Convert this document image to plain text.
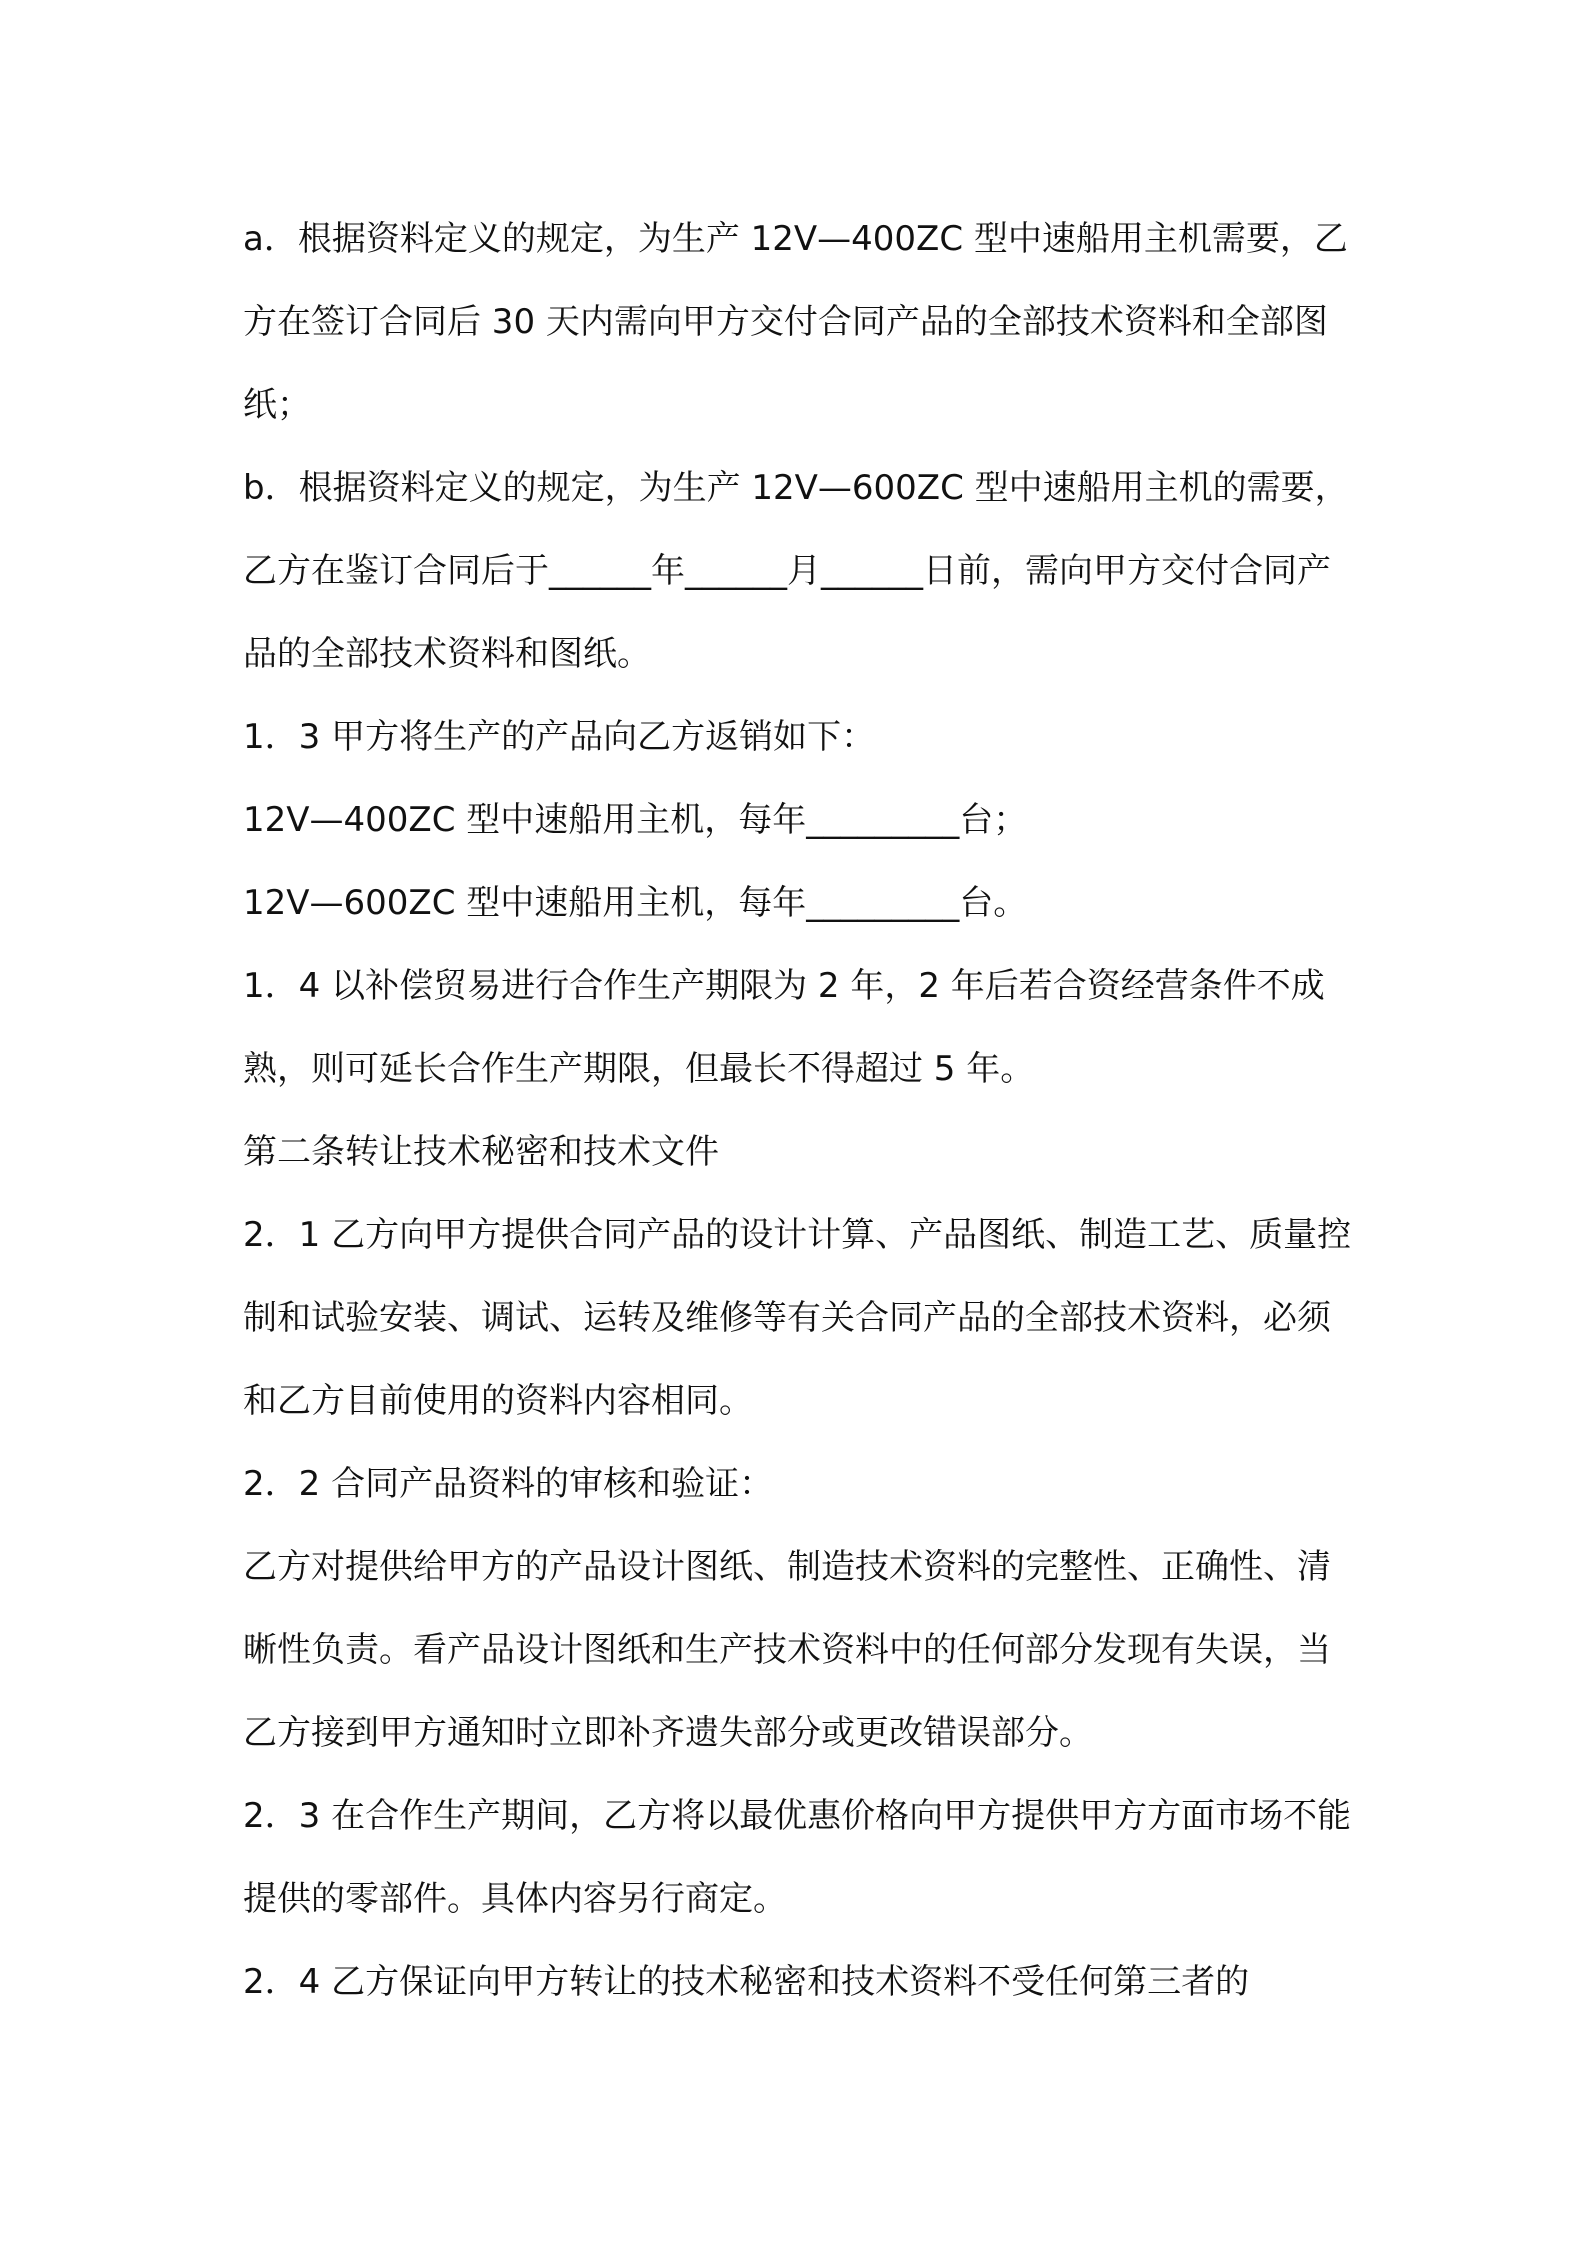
a．根据资料定义的规定，为生产 12V—400ZC 型中速船用主机需要，乙方在签订合同后 30 天内需向甲方交付合同产品的全部技术资料和全部图纸；

b．根据资料定义的规定，为生产 12V—600ZC 型中速船用主机的需要，乙方在鉴订合同后于______年______月______日前，需向甲方交付合同产品的全部技术资料和图纸。

1．3 甲方将生产的产品向乙方返销如下：

12V—400ZC 型中速船用主机，每年_________台；

12V—600ZC 型中速船用主机，每年_________台。

1．4 以补偿贸易进行合作生产期限为 2 年，2 年后若合资经营条件不成熟，则可延长合作生产期限，但最长不得超过 5 年。

第二条转让技术秘密和技术文件

2．1 乙方向甲方提供合同产品的设计计算、产品图纸、制造工艺、质量控制和试验安装、调试、运转及维修等有关合同产品的全部技术资料，必须和乙方目前使用的资料内容相同。

2．2 合同产品资料的审核和验证：

乙方对提供给甲方的产品设计图纸、制造技术资料的完整性、正确性、清晰性负责。看产品设计图纸和生产技术资料中的任何部分发现有失误，当乙方接到甲方通知时立即补齐遗失部分或更改错误部分。

2．3 在合作生产期间，乙方将以最优惠价格向甲方提供甲方方面市场不能提供的零部件。具体内容另行商定。

2．4 乙方保证向甲方转让的技术秘密和技术资料不受任何第三者的
